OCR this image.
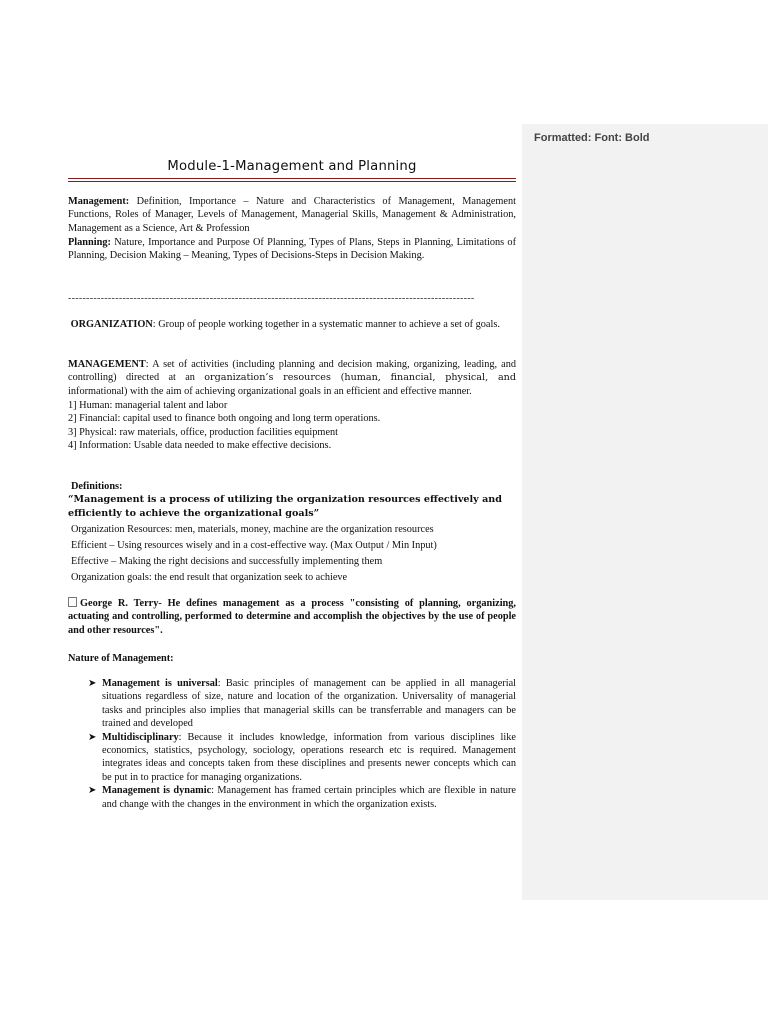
Formatted: Font: Bold
Module-1-Management and Planning
Management: Definition, Importance – Nature and Characteristics of Management, Management Functions, Roles of Manager, Levels of Management, Managerial Skills, Management & Administration, Management as a Science, Art & Profession
Planning: Nature, Importance and Purpose Of Planning, Types of Plans, Steps in Planning, Limitations of Planning, Decision Making – Meaning, Types of Decisions-Steps in Decision Making.
----------------------------------------------------------------------------------------------------------------
ORGANIZATION: Group of people working together in a systematic manner to achieve a set of goals.
MANAGEMENT: A set of activities (including planning and decision making, organizing, leading, and controlling) directed at an organization’s resources (human, financial, physical, and informational) with the aim of achieving organizational goals in an efficient and effective manner.
1] Human: managerial talent and labor
2] Financial: capital used to finance both ongoing and long term operations.
3] Physical: raw materials, office, production facilities equipment
4] Information: Usable data needed to make effective decisions.
Definitions:
“Management is a process of utilizing the organization resources effectively and efficiently to achieve the organizational goals”
Organization Resources: men, materials, money, machine are the organization resources
Efficient – Using resources wisely and in a cost-effective way. (Max Output / Min Input)
Effective – Making the right decisions and successfully implementing them
Organization goals: the end result that organization seek to achieve
George R. Terry- He defines management as a process "consisting of planning, organizing, actuating and controlling, performed to determine and accomplish the objectives by the use of people and other resources".
Nature of Management:
➤ Management is universal: Basic principles of management can be applied in all managerial situations regardless of size, nature and location of the organization. Universality of managerial tasks and principles also implies that managerial skills can be transferrable and managers can be trained and developed
➤ Multidisciplinary: Because it includes knowledge, information from various disciplines like economics, statistics, psychology, sociology, operations research etc is required. Management integrates ideas and concepts taken from these disciplines and presents newer concepts which can be put in to practice for managing organizations.
➤ Management is dynamic: Management has framed certain principles which are flexible in nature and change with the changes in the environment in which the organization exists.
